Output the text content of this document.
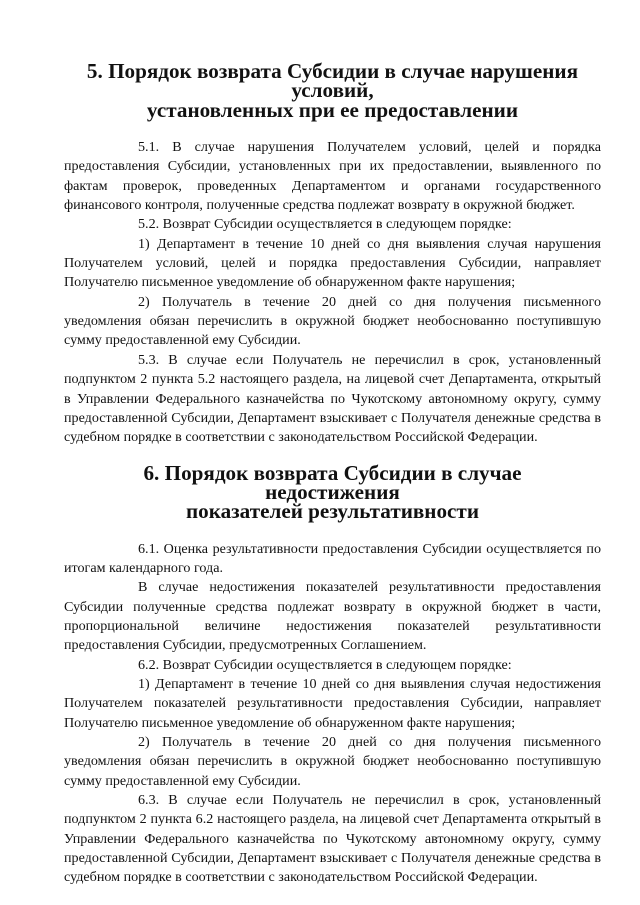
5. Порядок возврата Субсидии в случае нарушения условий,
установленных при ее предоставлении

5.1. В случае нарушения Получателем условий, целей и порядка предоставления Субсидии, установленных при их предоставлении, выявленного по фактам проверок, проведенных Департаментом и органами государственного финансового контроля, полученные средства подлежат возврату в окружной бюджет.

5.2. Возврат Субсидии осуществляется в следующем порядке:

1) Департамент в течение 10 дней со дня выявления случая нарушения Получателем условий, целей и порядка предоставления Субсидии, направляет Получателю письменное уведомление об обнаруженном факте нарушения;

2) Получатель в течение 20 дней со дня получения письменного уведомления обязан перечислить в окружной бюджет необоснованно поступившую сумму предоставленной ему Субсидии.

5.3. В случае если Получатель не перечислил в срок, установленный подпунктом 2 пункта 5.2 настоящего раздела, на лицевой счет Департамента, открытый в Управлении Федерального казначейства по Чукотскому автономному округу, сумму предоставленной Субсидии, Департамент взыскивает с Получателя денежные средства в судебном порядке в соответствии с законодательством Российской Федерации.

6. Порядок возврата Субсидии в случае недостижения
показателей результативности

6.1. Оценка результативности предоставления Субсидии осуществляется по итогам календарного года.

В случае недостижения показателей результативности предоставления Субсидии полученные средства подлежат возврату в окружной бюджет в части, пропорциональной величине недостижения показателей результативности предоставления Субсидии, предусмотренных Соглашением.

6.2. Возврат Субсидии осуществляется в следующем порядке:

1) Департамент в течение 10 дней со дня выявления случая недостижения Получателем показателей результативности предоставления Субсидии, направляет Получателю письменное уведомление об обнаруженном факте нарушения;

2) Получатель в течение 20 дней со дня получения письменного уведомления обязан перечислить в окружной бюджет необоснованно поступившую сумму предоставленной ему Субсидии.

6.3. В случае если Получатель не перечислил в срок, установленный подпунктом 2 пункта 6.2 настоящего раздела, на лицевой счет Департамента открытый в Управлении Федерального казначейства по Чукотскому автономному округу, сумму предоставленной Субсидии, Департамент взыскивает с Получателя денежные средства в судебном порядке в соответствии с законодательством Российской Федерации.
